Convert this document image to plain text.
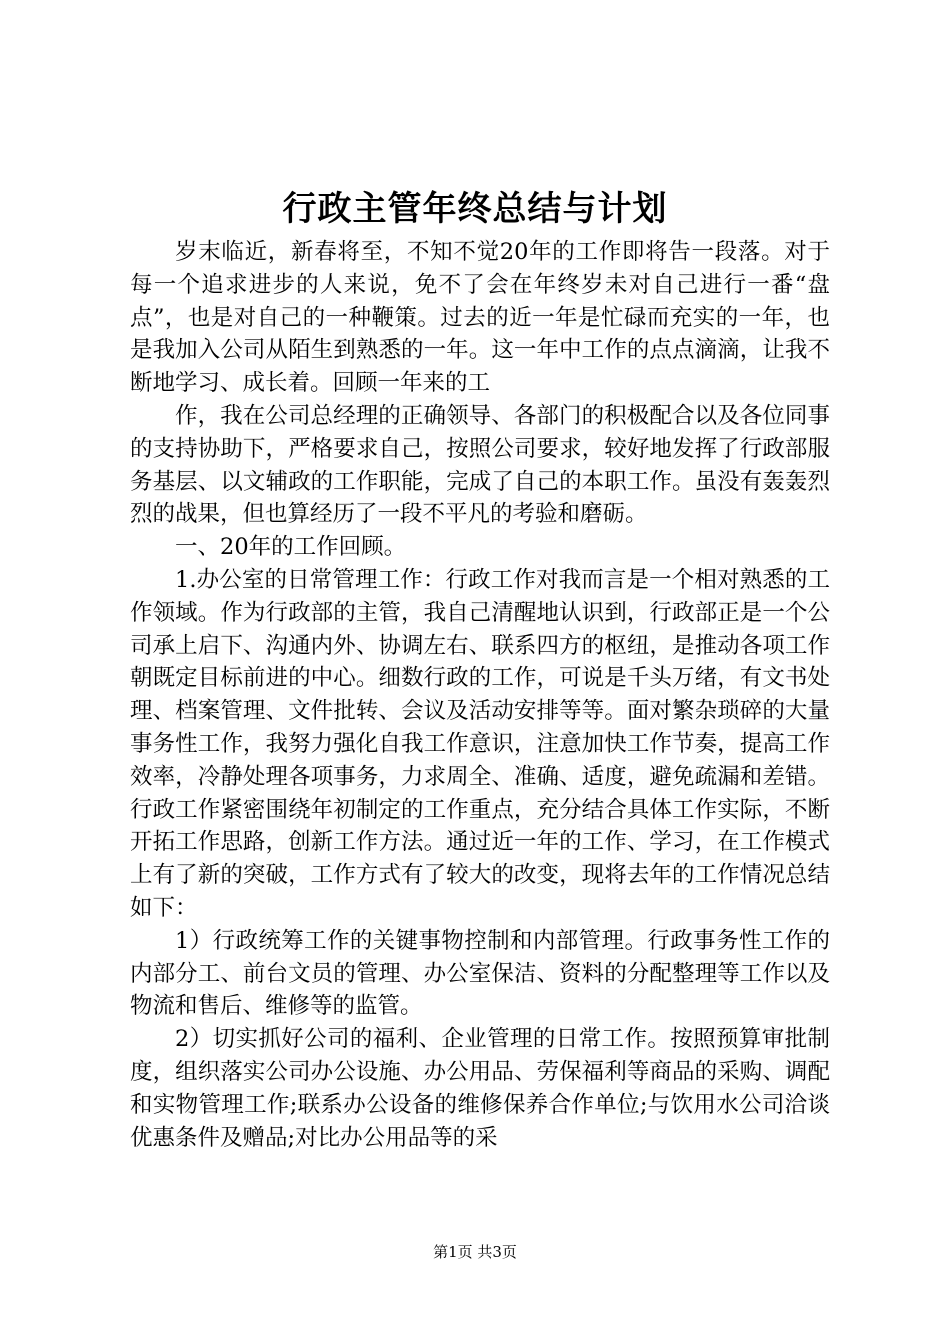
行政主管年终总结与计划

岁末临近，新春将至，不知不觉20年的工作即将告一段落。对于每一个追求进步的人来说，免不了会在年终岁未对自己进行一番“盘点”，也是对自己的一种鞭策。过去的近一年是忙碌而充实的一年，也是我加入公司从陌生到熟悉的一年。这一年中工作的点点滴滴，让我不断地学习、成长着。回顾一年来的工

作，我在公司总经理的正确领导、各部门的积极配合以及各位同事的支持协助下，严格要求自己，按照公司要求，较好地发挥了行政部服务基层、以文辅政的工作职能，完成了自己的本职工作。虽没有轰轰烈烈的战果，但也算经历了一段不平凡的考验和磨砺。

一、20年的工作回顾。

1.办公室的日常管理工作：行政工作对我而言是一个相对熟悉的工作领域。作为行政部的主管，我自己清醒地认识到，行政部正是一个公司承上启下、沟通内外、协调左右、联系四方的枢纽，是推动各项工作朝既定目标前进的中心。细数行政的工作，可说是千头万绪，有文书处理、档案管理、文件批转、会议及活动安排等等。面对繁杂琐碎的大量事务性工作，我努力强化自我工作意识，注意加快工作节奏，提高工作效率，冷静处理各项事务，力求周全、准确、适度，避免疏漏和差错。行政工作紧密围绕年初制定的工作重点，充分结合具体工作实际，不断开拓工作思路，创新工作方法。通过近一年的工作、学习，在工作模式上有了新的突破，工作方式有了较大的改变，现将去年的工作情况总结如下：

1）行政统筹工作的关键事物控制和内部管理。行政事务性工作的内部分工、前台文员的管理、办公室保洁、资料的分配整理等工作以及物流和售后、维修等的监管。

2）切实抓好公司的福利、企业管理的日常工作。按照预算审批制度，组织落实公司办公设施、办公用品、劳保福利等商品的采购、调配和实物管理工作;联系办公设备的维修保养合作单位;与饮用水公司洽谈优惠条件及赠品;对比办公用品等的采

第1页 共3页
